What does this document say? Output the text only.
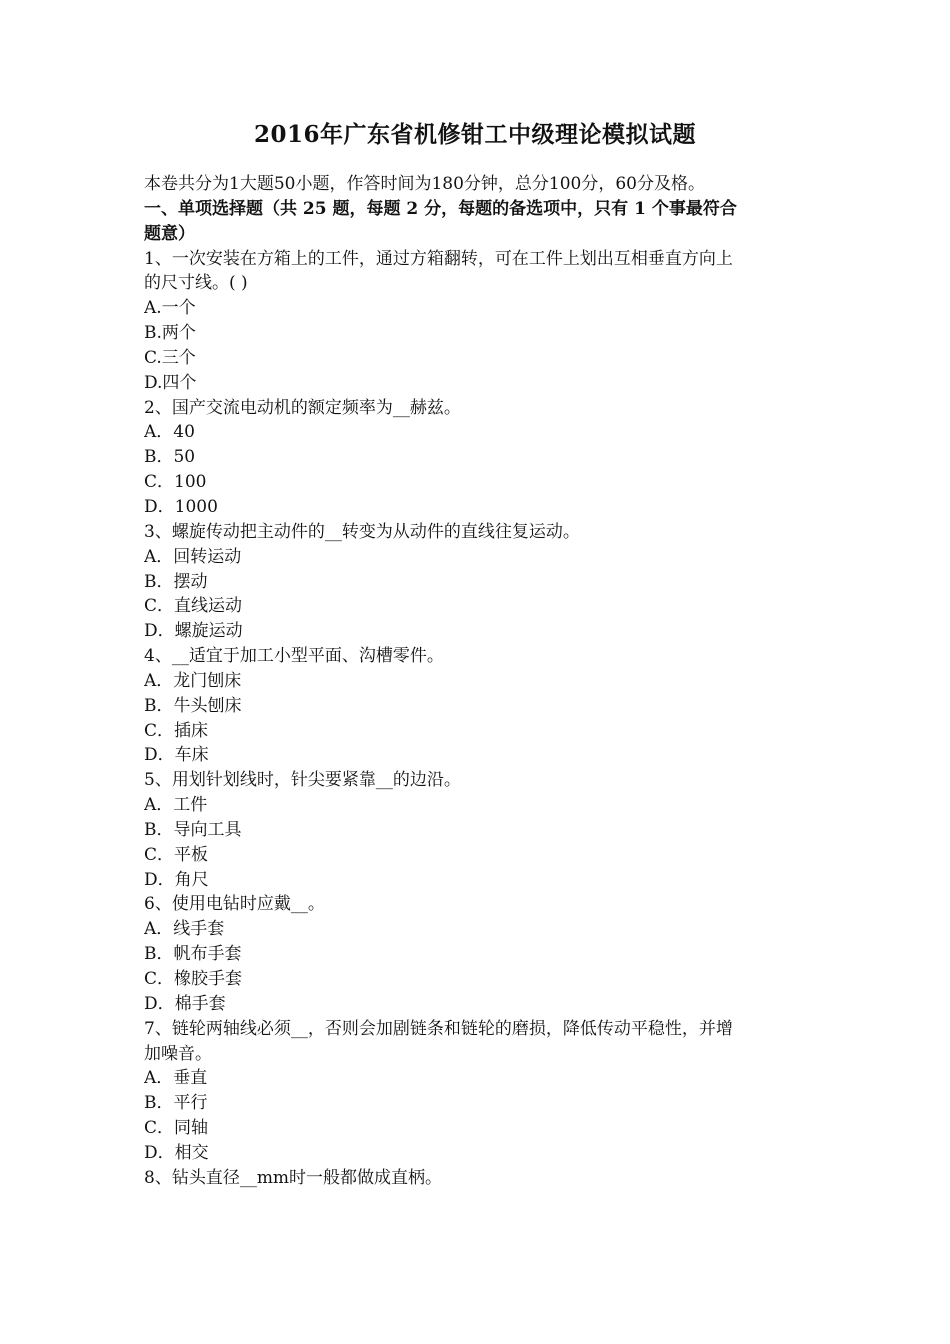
2016年广东省机修钳工中级理论模拟试题
本卷共分为1大题50小题，作答时间为180分钟，总分100分，60分及格。
一、单项选择题（共 25 题，每题 2 分，每题的备选项中，只有 1 个事最符合
题意）
1、一次安装在方箱上的工件，通过方箱翻转，可在工件上划出互相垂直方向上
的尺寸线。( )
A.一个
B.两个
C.三个
D.四个
2、国产交流电动机的额定频率为__赫兹。
A．40
B．50
C．100
D．1000
3、螺旋传动把主动件的__转变为从动件的直线往复运动。
A．回转运动
B．摆动
C．直线运动
D．螺旋运动
4、__适宜于加工小型平面、沟槽零件。
A．龙门刨床
B．牛头刨床
C．插床
D．车床
5、用划针划线时，针尖要紧靠__的边沿。
A．工件
B．导向工具
C．平板
D．角尺
6、使用电钻时应戴__。
A．线手套
B．帆布手套
C．橡胶手套
D．棉手套
7、链轮两轴线必须__，否则会加剧链条和链轮的磨损，降低传动平稳性，并增
加噪音。
A．垂直
B．平行
C．同轴
D．相交
8、钻头直径__mm时一般都做成直柄。
